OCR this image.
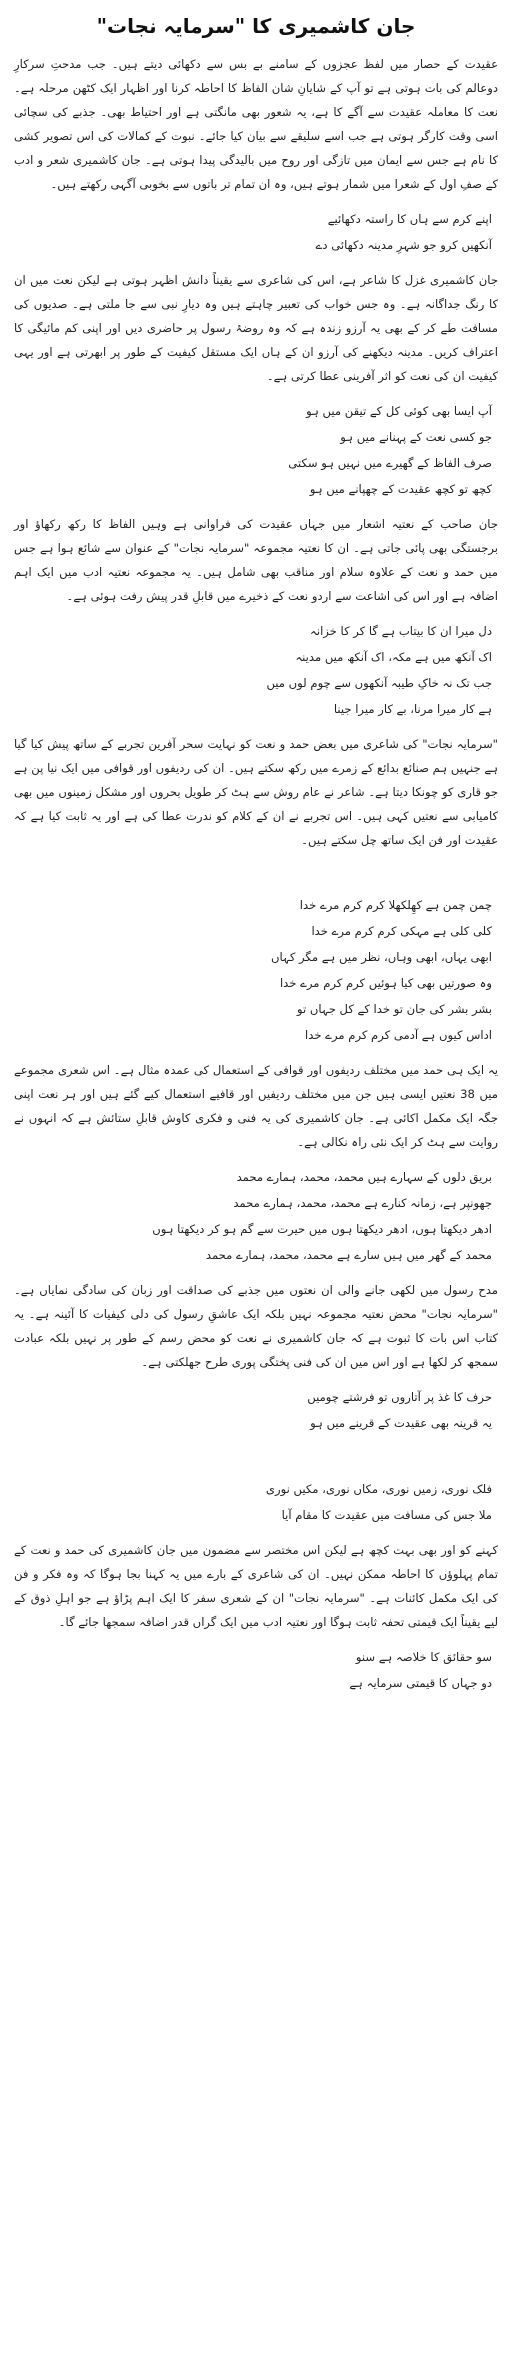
جان کاشمیری کا "سرمایہ نجات"

عقیدت کے حصار میں لفظ عجزوں کے سامنے بے بس سے دکھائی دیتے ہیں۔ جب مدحتِ سرکارِ دوعالم کی بات ہوتی ہے تو آپ کے شایانِ شان الفاظ کا احاطہ کرنا اور اظہار ایک کٹھن مرحلہ ہے۔ نعت کا معاملہ عقیدت سے آگے کا ہے، یہ شعور بھی مانگتی ہے اور احتیاط بھی۔ جذبے کی سچائی اسی وقت کارگر ہوتی ہے جب اسے سلیقے سے بیان کیا جائے۔ نبوت کے کمالات کی اس تصویر کشی کا نام ہے جس سے ایمان میں تازگی اور روح میں بالیدگی پیدا ہوتی ہے۔ جان کاشمیری شعر و ادب کے صفِ اول کے شعرا میں شمار ہوتے ہیں، وہ ان تمام تر باتوں سے بخوبی آگہی رکھتے ہیں۔

اپنے کرم سے ہاں کا راستہ دکھائیے
آنکھیں کرو جو شہرِ مدینہ دکھائی دے

جان کاشمیری غزل کا شاعر ہے، اس کی شاعری سے یقیناً دانش اظہر ہوتی ہے لیکن نعت میں ان کا رنگ جداگانہ ہے۔ وہ جس خواب کی تعبیر چاہتے ہیں وہ دیارِ نبی سے جا ملتی ہے۔ صدیوں کی مسافت طے کر کے بھی یہ آرزو زندہ ہے کہ وہ روضۂ رسول پر حاضری دیں اور اپنی کم مائیگی کا اعتراف کریں۔ مدینہ دیکھنے کی آرزو ان کے ہاں ایک مستقل کیفیت کے طور پر ابھرتی ہے اور یہی کیفیت ان کی نعت کو اثر آفرینی عطا کرتی ہے۔

آپ ایسا بھی کوئی کل کے تیقن میں ہو
جو کسی نعت کے پہنانے میں ہو
صرف الفاظ کے گھیرے میں نہیں ہو سکتی
کچھ تو کچھ عقیدت کے چھپانے میں ہو

جان صاحب کے نعتیہ اشعار میں جہاں عقیدت کی فراوانی ہے وہیں الفاظ کا رکھ رکھاؤ اور برجستگی بھی پائی جاتی ہے۔ ان کا نعتیہ مجموعہ "سرمایہ نجات" کے عنوان سے شائع ہوا ہے جس میں حمد و نعت کے علاوہ سلام اور مناقب بھی شامل ہیں۔ یہ مجموعہ نعتیہ ادب میں ایک اہم اضافہ ہے اور اس کی اشاعت سے اردو نعت کے ذخیرے میں قابلِ قدر پیش رفت ہوئی ہے۔

دل میرا ان کا بیتاب ہے گا کر کا خزانہ
اک آنکھ میں ہے مکہ، اک آنکھ میں مدینہ
جب تک نہ خاکِ طیبہ آنکھوں سے چوم لوں میں
ہے کار میرا مرنا، بے کار میرا جینا

"سرمایہ نجات" کی شاعری میں بعض حمد و نعت کو نہایت سحر آفرین تجربے کے ساتھ پیش کیا گیا ہے جنہیں ہم صنائع بدائع کے زمرے میں رکھ سکتے ہیں۔ ان کی ردیفوں اور قوافی میں ایک نیا پن ہے جو قاری کو چونکا دیتا ہے۔ شاعر نے عام روش سے ہٹ کر طویل بحروں اور مشکل زمینوں میں بھی کامیابی سے نعتیں کہی ہیں۔ اس تجربے نے ان کے کلام کو ندرت عطا کی ہے اور یہ ثابت کیا ہے کہ عقیدت اور فن ایک ساتھ چل سکتے ہیں۔

چمن چمن ہے کھِلکھلا کرم کرم مرے خدا
کلی کلی ہے مہکی کرم کرم مرے خدا
ابھی یہاں، ابھی وہاں، نظر میں ہے مگر کہاں
وہ صورتیں بھی کیا ہوئیں کرم کرم مرے خدا
بشر بشر کی جان تو خدا کے کل جہاں تو
اداس کیوں ہے آدمی کرم کرم مرے خدا

یہ ایک ہی حمد میں مختلف ردیفوں اور قوافی کے استعمال کی عمدہ مثال ہے۔ اس شعری مجموعے میں 38 نعتیں ایسی ہیں جن میں مختلف ردیفیں اور قافیے استعمال کیے گئے ہیں اور ہر نعت اپنی جگہ ایک مکمل اکائی ہے۔ جان کاشمیری کی یہ فنی و فکری کاوش قابلِ ستائش ہے کہ انہوں نے روایت سے ہٹ کر ایک نئی راہ نکالی ہے۔

بریق دلوں کے سہارے ہیں محمد، محمد، ہمارے محمد
جھونپر ہے، زمانہ کنارے ہے محمد، محمد، ہمارے محمد
ادھر دیکھتا ہوں، ادھر دیکھتا ہوں میں حیرت سے گم ہو کر دیکھتا ہوں
محمد کے گھر میں ہیں سارے ہے محمد، محمد، ہمارے محمد

مدح رسول میں لکھی جانے والی ان نعتوں میں جذبے کی صداقت اور زبان کی سادگی نمایاں ہے۔ "سرمایہ نجات" محض نعتیہ مجموعہ نہیں بلکہ ایک عاشقِ رسول کی دلی کیفیات کا آئینہ ہے۔ یہ کتاب اس بات کا ثبوت ہے کہ جان کاشمیری نے نعت کو محض رسم کے طور پر نہیں بلکہ عبادت سمجھ کر لکھا ہے اور اس میں ان کی فنی پختگی پوری طرح جھلکتی ہے۔

حرف کا غذ پر آتاروں تو فرشتے چومیں
یہ قرینہ بھی عقیدت کے قرینے میں ہو
فلک نوری، زمیں نوری، مکاں نوری، مکیں نوری
ملا جس کی مسافت میں عقیدت کا مقام آیا

کہنے کو اور بھی بہت کچھ ہے لیکن اس مختصر سے مضمون میں جان کاشمیری کی حمد و نعت کے تمام پہلوؤں کا احاطہ ممکن نہیں۔ ان کی شاعری کے بارے میں یہ کہنا بجا ہوگا کہ وہ فکر و فن کی ایک مکمل کائنات ہے۔ "سرمایہ نجات" ان کے شعری سفر کا ایک اہم پڑاؤ ہے جو اہلِ ذوق کے لیے یقیناً ایک قیمتی تحفہ ثابت ہوگا اور نعتیہ ادب میں ایک گراں قدر اضافہ سمجھا جائے گا۔

سو حقائق کا خلاصہ ہے سنو
دو جہاں کا قیمتی سرمایہ ہے
